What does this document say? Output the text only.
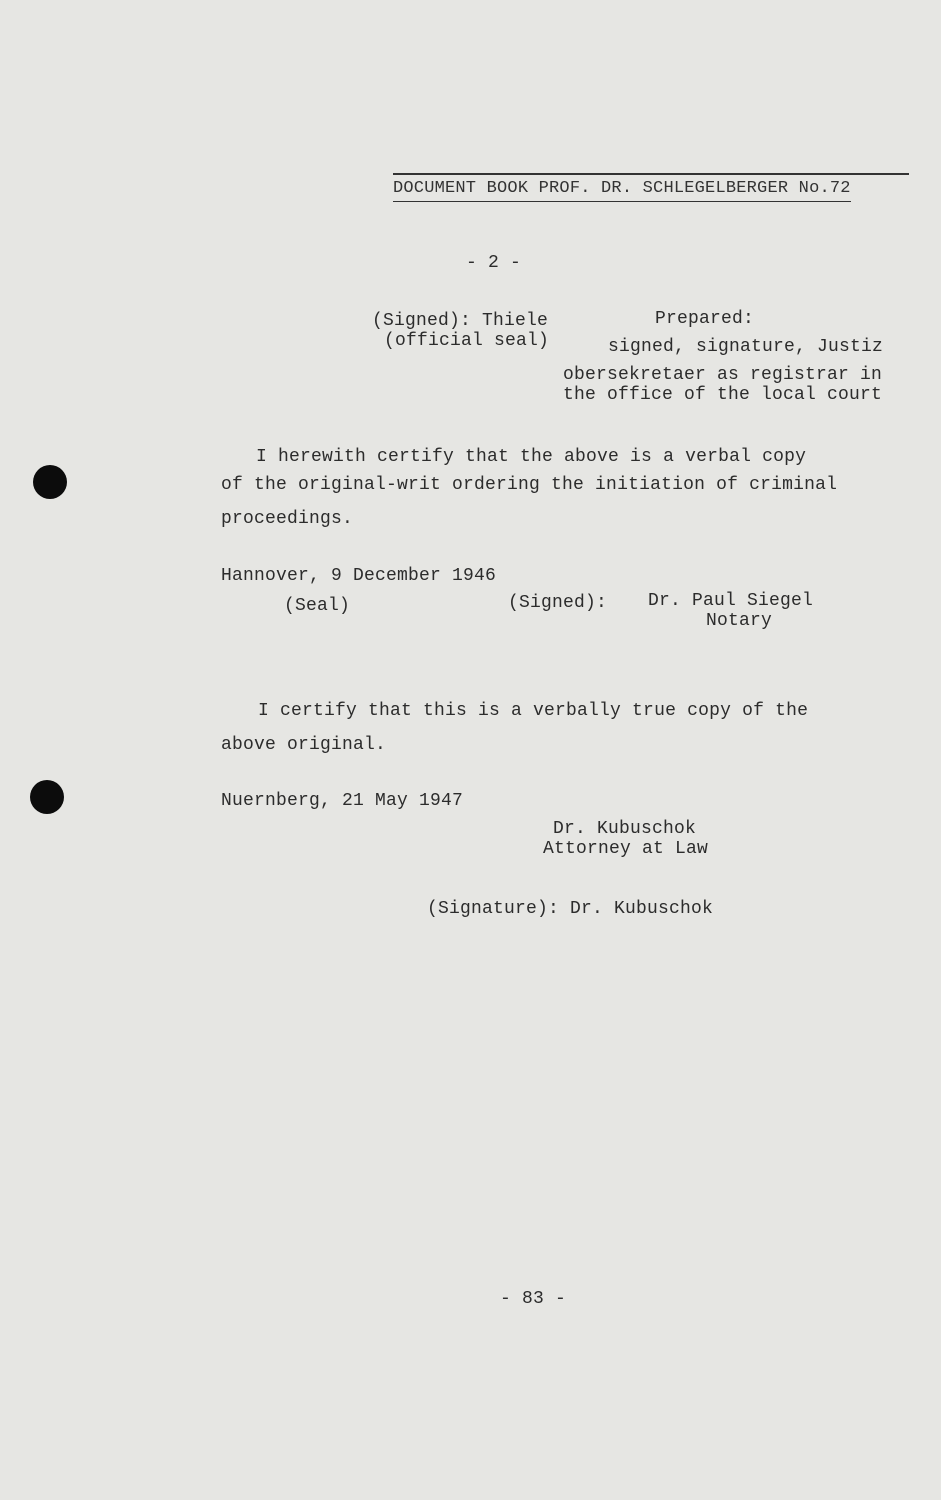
DOCUMENT BOOK PROF. DR. SCHLEGELBERGER No.72
- 2 -
(Signed): Thiele
(official seal)
Prepared:
signed, signature, Justiz
obersekretaer as registrar in
the office of the local court
I herewith certify that the above is a verbal copy
of the original-writ ordering the initiation of criminal
proceedings.
Hannover, 9 December 1946
(Seal)	(Signed): Dr. Paul Siegel
Notary
I certify that this is a verbally true copy of the
above original.
Nuernberg, 21 May 1947
Dr. Kubuschok
Attorney at Law
(Signature): Dr. Kubuschok
- 83 -
